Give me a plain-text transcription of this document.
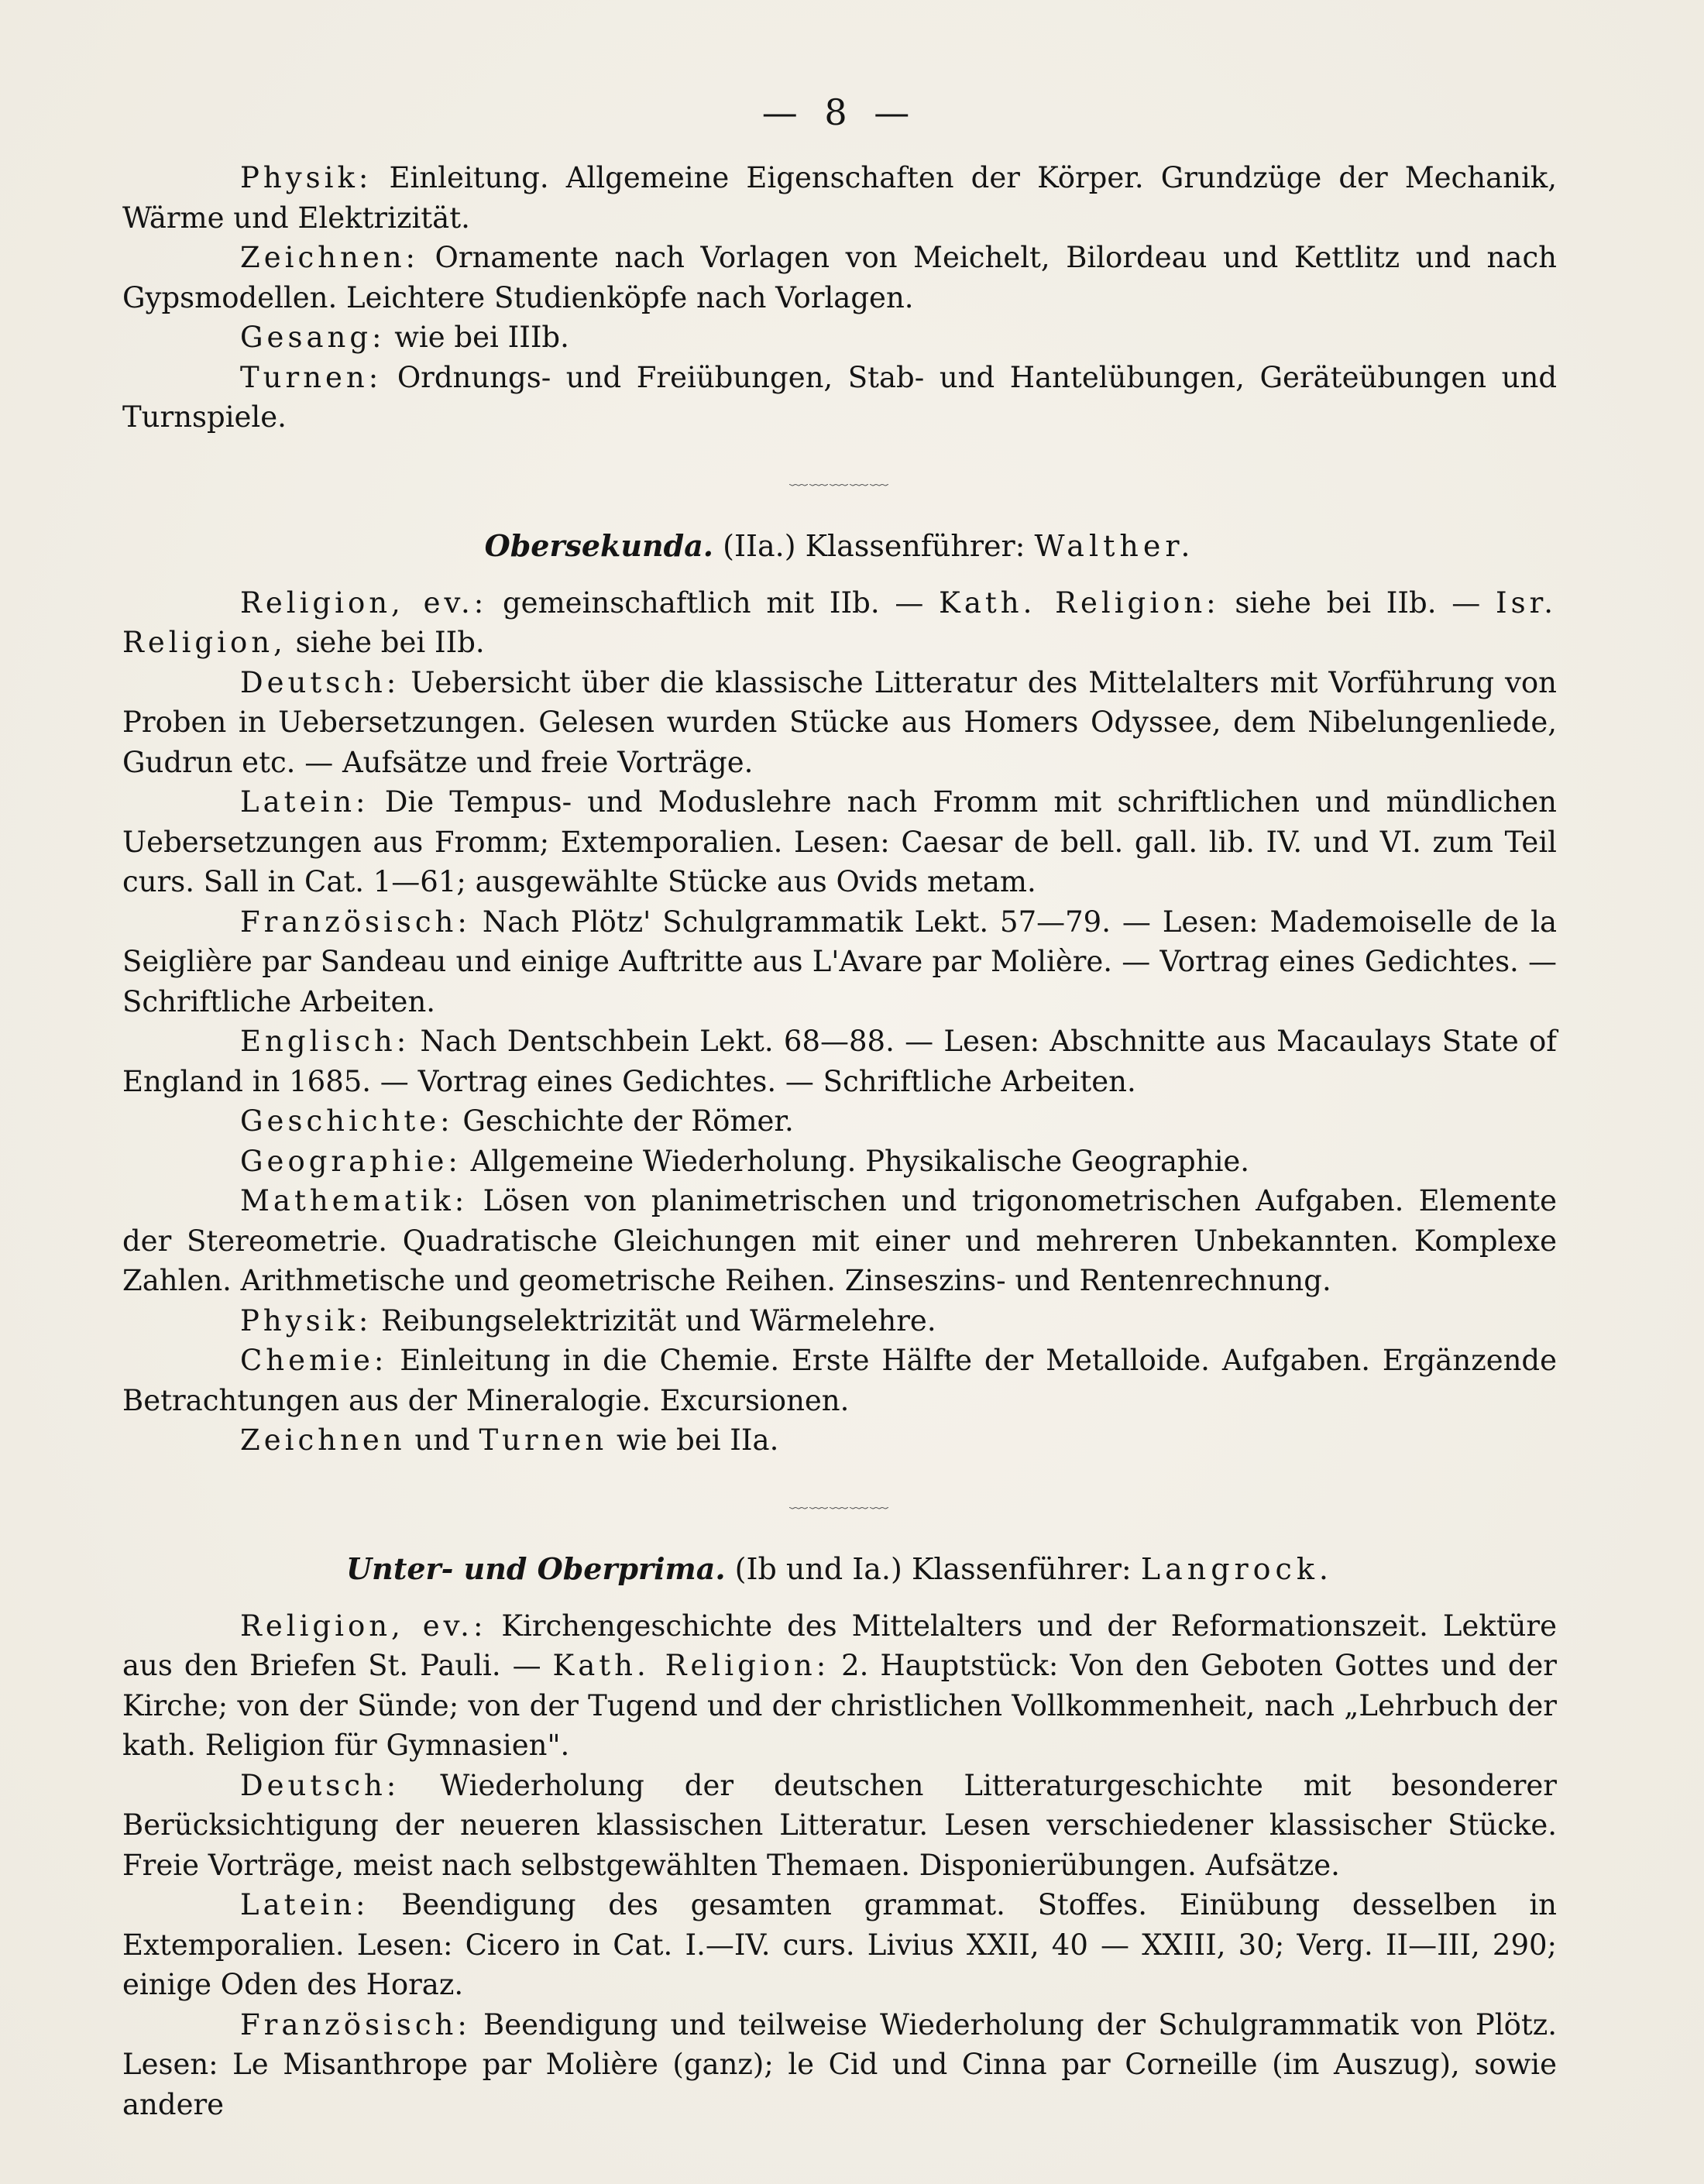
— 8 —

Physik: Einleitung. Allgemeine Eigenschaften der Körper. Grundzüge der Mechanik, Wärme und Elektrizität.

Zeichnen: Ornamente nach Vorlagen von Meichelt, Bilordeau und Kettlitz und nach Gypsmodellen. Leichtere Studienköpfe nach Vorlagen.

Gesang: wie bei IIIb.

Turnen: Ordnungs- und Freiübungen, Stab- und Hantelübungen, Geräteübungen und Turnspiele.

﹏﹏﹏﹏﹏
Obersekunda. (IIa.) Klassenführer: Walther.

Religion, ev.: gemeinschaftlich mit IIb. — Kath. Religion: siehe bei IIb. — Isr. Religion, siehe bei IIb.

Deutsch: Uebersicht über die klassische Litteratur des Mittelalters mit Vorführung von Proben in Uebersetzungen. Gelesen wurden Stücke aus Homers Odyssee, dem Nibelungenliede, Gudrun etc. — Aufsätze und freie Vorträge.

Latein: Die Tempus- und Moduslehre nach Fromm mit schriftlichen und mündlichen Uebersetzungen aus Fromm; Extemporalien. Lesen: Caesar de bell. gall. lib. IV. und VI. zum Teil curs. Sall in Cat. 1—61; ausgewählte Stücke aus Ovids metam.

Französisch: Nach Plötz' Schulgrammatik Lekt. 57—79. — Lesen: Mademoiselle de la Seiglière par Sandeau und einige Auftritte aus L'Avare par Molière. — Vortrag eines Gedichtes. — Schriftliche Arbeiten.

Englisch: Nach Dentschbein Lekt. 68—88. — Lesen: Abschnitte aus Macaulays State of England in 1685. — Vortrag eines Gedichtes. — Schriftliche Arbeiten.

Geschichte: Geschichte der Römer.

Geographie: Allgemeine Wiederholung. Physikalische Geographie.

Mathematik: Lösen von planimetrischen und trigonometrischen Aufgaben. Elemente der Stereometrie. Quadratische Gleichungen mit einer und mehreren Unbekannten. Komplexe Zahlen. Arithmetische und geometrische Reihen. Zinseszins- und Rentenrechnung.

Physik: Reibungselektrizität und Wärmelehre.

Chemie: Einleitung in die Chemie. Erste Hälfte der Metalloide. Aufgaben. Ergänzende Betrachtungen aus der Mineralogie. Excursionen.

Zeichnen und Turnen wie bei IIa.

﹏﹏﹏﹏﹏
Unter- und Oberprima. (Ib und Ia.) Klassenführer: Langrock.

Religion, ev.: Kirchengeschichte des Mittelalters und der Reformationszeit. Lektüre aus den Briefen St. Pauli. — Kath. Religion: 2. Hauptstück: Von den Geboten Gottes und der Kirche; von der Sünde; von der Tugend und der christlichen Vollkommenheit, nach „Lehrbuch der kath. Religion für Gymnasien".

Deutsch: Wiederholung der deutschen Litteraturgeschichte mit besonderer Berücksichtigung der neueren klassischen Litteratur. Lesen verschiedener klassischer Stücke. Freie Vorträge, meist nach selbstgewählten Themaen. Disponierübungen. Aufsätze.

Latein: Beendigung des gesamten grammat. Stoffes. Einübung desselben in Extemporalien. Lesen: Cicero in Cat. I.—IV. curs. Livius XXII, 40 — XXIII, 30; Verg. II—III, 290; einige Oden des Horaz.

Französisch: Beendigung und teilweise Wiederholung der Schulgrammatik von Plötz. Lesen: Le Misanthrope par Molière (ganz); le Cid und Cinna par Corneille (im Auszug), sowie andere
